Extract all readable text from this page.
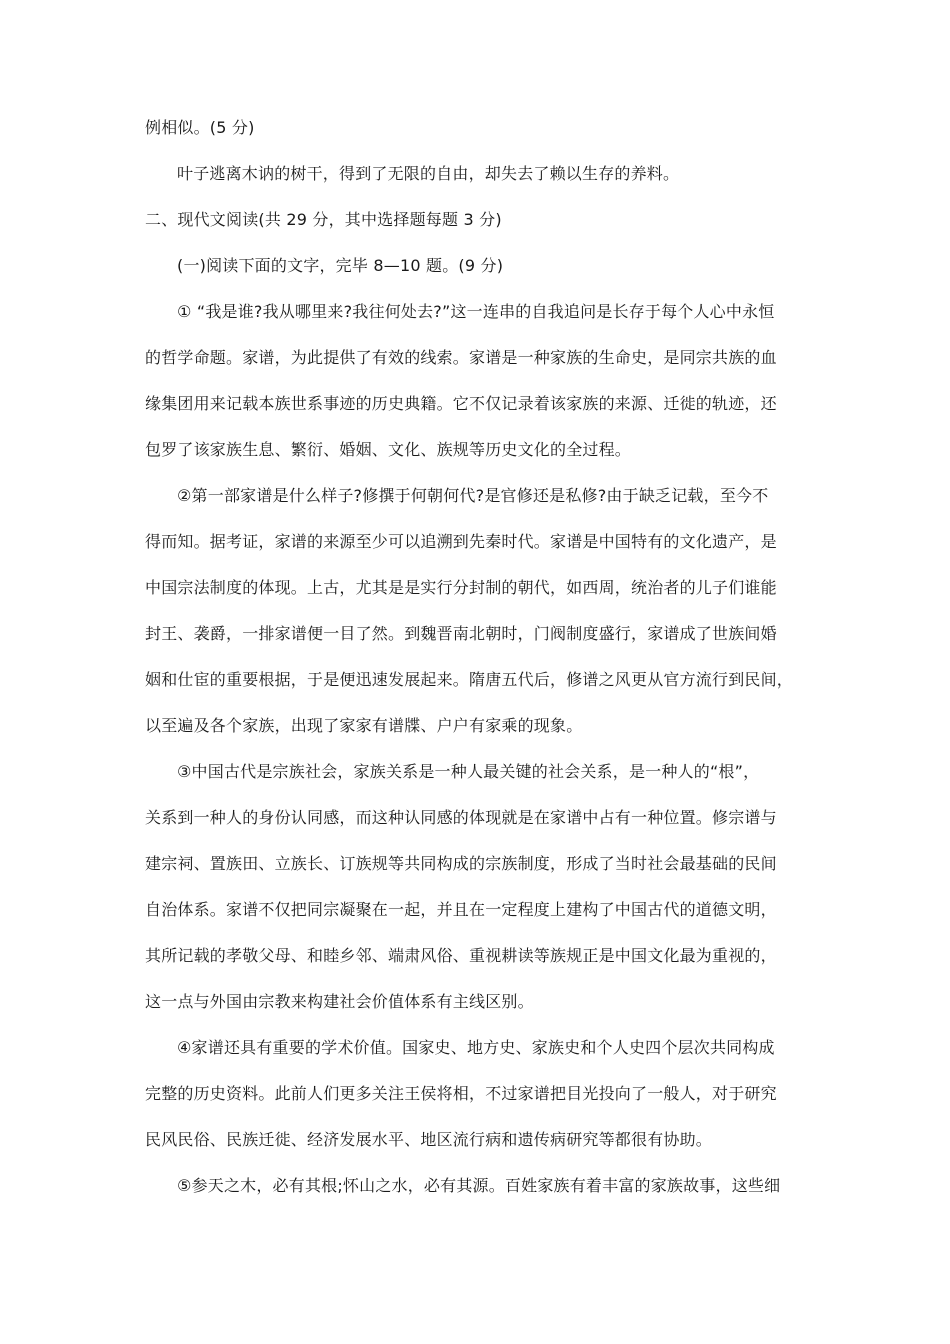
例相似。(5 分)
叶子逃离木讷的树干，得到了无限的自由，却失去了赖以生存的养料。
二、现代文阅读(共 29 分，其中选择题每题 3 分)
(一)阅读下面的文字，完毕 8—10 题。(9 分)
① “我是谁?我从哪里来?我往何处去?”这一连串的自我追问是长存于每个人心中永恒
的哲学命题。家谱，为此提供了有效的线索。家谱是一种家族的生命史，是同宗共族的血
缘集团用来记载本族世系事迹的历史典籍。它不仅记录着该家族的来源、迁徙的轨迹，还
包罗了该家族生息、繁衍、婚姻、文化、族规等历史文化的全过程。
②第一部家谱是什么样子?修撰于何朝何代?是官修还是私修?由于缺乏记载，至今不
得而知。据考证，家谱的来源至少可以追溯到先秦时代。家谱是中国特有的文化遗产，是
中国宗法制度的体现。上古，尤其是是实行分封制的朝代，如西周，统治者的儿子们谁能
封王、袭爵，一排家谱便一目了然。到魏晋南北朝时，门阀制度盛行，家谱成了世族间婚
姻和仕宦的重要根据，于是便迅速发展起来。隋唐五代后，修谱之风更从官方流行到民间，
以至遍及各个家族，出现了家家有谱牒、户户有家乘的现象。
③中国古代是宗族社会，家族关系是一种人最关键的社会关系，是一种人的“根”，
关系到一种人的身份认同感，而这种认同感的体现就是在家谱中占有一种位置。修宗谱与
建宗祠、置族田、立族长、订族规等共同构成的宗族制度，形成了当时社会最基础的民间
自治体系。家谱不仅把同宗凝聚在一起，并且在一定程度上建构了中国古代的道德文明，
其所记载的孝敬父母、和睦乡邻、端肃风俗、重视耕读等族规正是中国文化最为重视的，
这一点与外国由宗教来构建社会价值体系有主线区别。
④家谱还具有重要的学术价值。国家史、地方史、家族史和个人史四个层次共同构成
完整的历史资料。此前人们更多关注王侯将相，不过家谱把目光投向了一般人，对于研究
民风民俗、民族迁徙、经济发展水平、地区流行病和遗传病研究等都很有协助。
⑤参天之木，必有其根;怀山之水，必有其源。百姓家族有着丰富的家族故事，这些细
